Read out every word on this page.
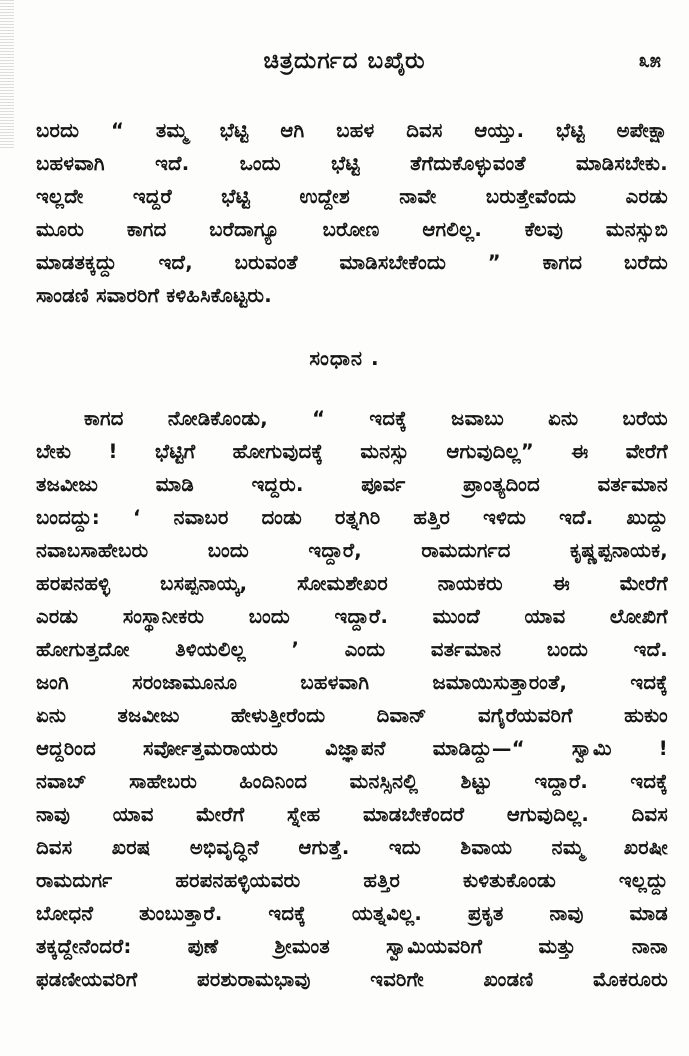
ಚಿತ್ರದುರ್ಗದ ಬಖೈರು	೩೫
ಬರದು “ ತಮ್ಮ ಭೆಟ್ಟಿ ಆಗಿ ಬಹಳ ದಿವಸ ಆಯ್ತು. ಭೆಟ್ಟಿ ಅಪೇಕ್ಷಾ
ಬಹಳವಾಗಿ ಇದೆ. ಒಂದು ಭೆಟ್ಟಿ ತೆಗೆದುಕೊಳ್ಳುವಂತೆ ಮಾಡಿಸಬೇಕು.
ಇಲ್ಲದೇ ಇದ್ದರೆ ಭೆಟ್ಟಿ ಉದ್ದೇಶ ನಾವೇ ಬರುತ್ತೇವೆಂದು ಎರಡು
ಮೂರು ಕಾಗದ ಬರೆದಾಗ್ಯೂ ಬರೋಣ ಆಗಲಿಲ್ಲ. ಕೆಲವು ಮನಸ್ಸುಬಿ
ಮಾಡತಕ್ಕದ್ದು ಇದೆ, ಬರುವಂತೆ ಮಾಡಿಸಬೇಕೆಂದು ” ಕಾಗದ ಬರೆದು
ಸಾಂಡಣಿ ಸವಾರರಿಗೆ ಕಳಿಹಿಸಿಕೊಟ್ಟರು.
ಸಂಧಾನ .
ಕಾಗದ ನೋಡಿಕೊಂಡು, “ ಇದಕ್ಕೆ ಜವಾಬು ಏನು ಬರೆಯ
ಬೇಕು ! ಭೆಟ್ಟಿಗೆ ಹೋಗುವುದಕ್ಕೆ ಮನಸ್ಸು ಆಗುವುದಿಲ್ಲ” ಈ ವೇರೆಗೆ
ತಜವೀಜು ಮಾಡಿ ಇದ್ದರು. ಪೂರ್ವ ಪ್ರಾಂತ್ಯದಿಂದ ವರ್ತಮಾನ
ಬಂದದ್ದು: ‘ ನವಾಬರ ದಂಡು ರತ್ನಗಿರಿ ಹತ್ತಿರ ಇಳಿದು ಇದೆ. ಖುದ್ದು
ನವಾಬಸಾಹೇಬರು ಬಂದು ಇದ್ದಾರೆ, ರಾಮದುರ್ಗದ ಕೃಷ್ಣಪ್ಪನಾಯಕ,
ಹರಪನಹಳ್ಳಿ ಬಸಪ್ಪನಾಯ್ಕ, ಸೋಮಶೇಖರ ನಾಯಕರು ಈ ಮೇರೆಗೆ
ಎರಡು ಸಂಸ್ಥಾನೀಕರು ಬಂದು ಇದ್ದಾರೆ. ಮುಂದೆ ಯಾವ ಲೋಖಿಗೆ
ಹೋಗುತ್ತದೋ ತಿಳಿಯಲಿಲ್ಲ ’ ಎಂದು ವರ್ತಮಾನ ಬಂದು ಇದೆ.
ಜಂಗಿ ಸರಂಜಾಮೂನೂ ಬಹಳವಾಗಿ ಜಮಾಯಿಸುತ್ತಾರಂತೆ, ಇದಕ್ಕೆ
ಏನು ತಜವೀಜು ಹೇಳುತ್ತೀರೆಂದು ದಿವಾನ್ ವಗೈರೆಯವರಿಗೆ ಹುಕುಂ
ಆದ್ದರಿಂದ ಸರ್ವೋತ್ತಮರಾಯರು ವಿಜ್ಞಾಪನೆ ಮಾಡಿದ್ದು—“ ಸ್ವಾಮಿ !
ನವಾಬ್ ಸಾಹೇಬರು ಹಿಂದಿನಿಂದ ಮನಸ್ಸಿನಲ್ಲಿ ಶಿಟ್ಟು ಇದ್ದಾರೆ. ಇದಕ್ಕೆ
ನಾವು ಯಾವ ಮೇರೆಗೆ ಸ್ನೇಹ ಮಾಡಬೇಕೆಂದರೆ ಆಗುವುದಿಲ್ಲ. ದಿವಸ
ದಿವಸ ಖರಷ ಅಭಿವೃದ್ಧಿನೆ ಆಗುತ್ತೆ. ಇದು ಶಿವಾಯ ನಮ್ಮ ಖರಷೀ
ರಾಮದುರ್ಗ ಹರಪನಹಳ್ಳಿಯವರು ಹತ್ತಿರ ಕುಳಿತುಕೊಂಡು ಇಲ್ಲದ್ದು
ಬೋಧನೆ ತುಂಬುತ್ತಾರೆ. ಇದಕ್ಕೆ ಯತ್ನವಿಲ್ಲ. ಪ್ರಕೃತ ನಾವು ಮಾಡ
ತಕ್ಕದ್ದೇನೆಂದರೆ: ಪುಣೆ ಶ್ರೀಮಂತ ಸ್ವಾಮಿಯವರಿಗೆ ಮತ್ತು ನಾನಾ
ಫಡಣೀಯವರಿಗೆ ಪರಶುರಾಮಭಾವು ಇವರಿಗೇ ಖಂಡಣಿ ಮೊಕರೂರು
